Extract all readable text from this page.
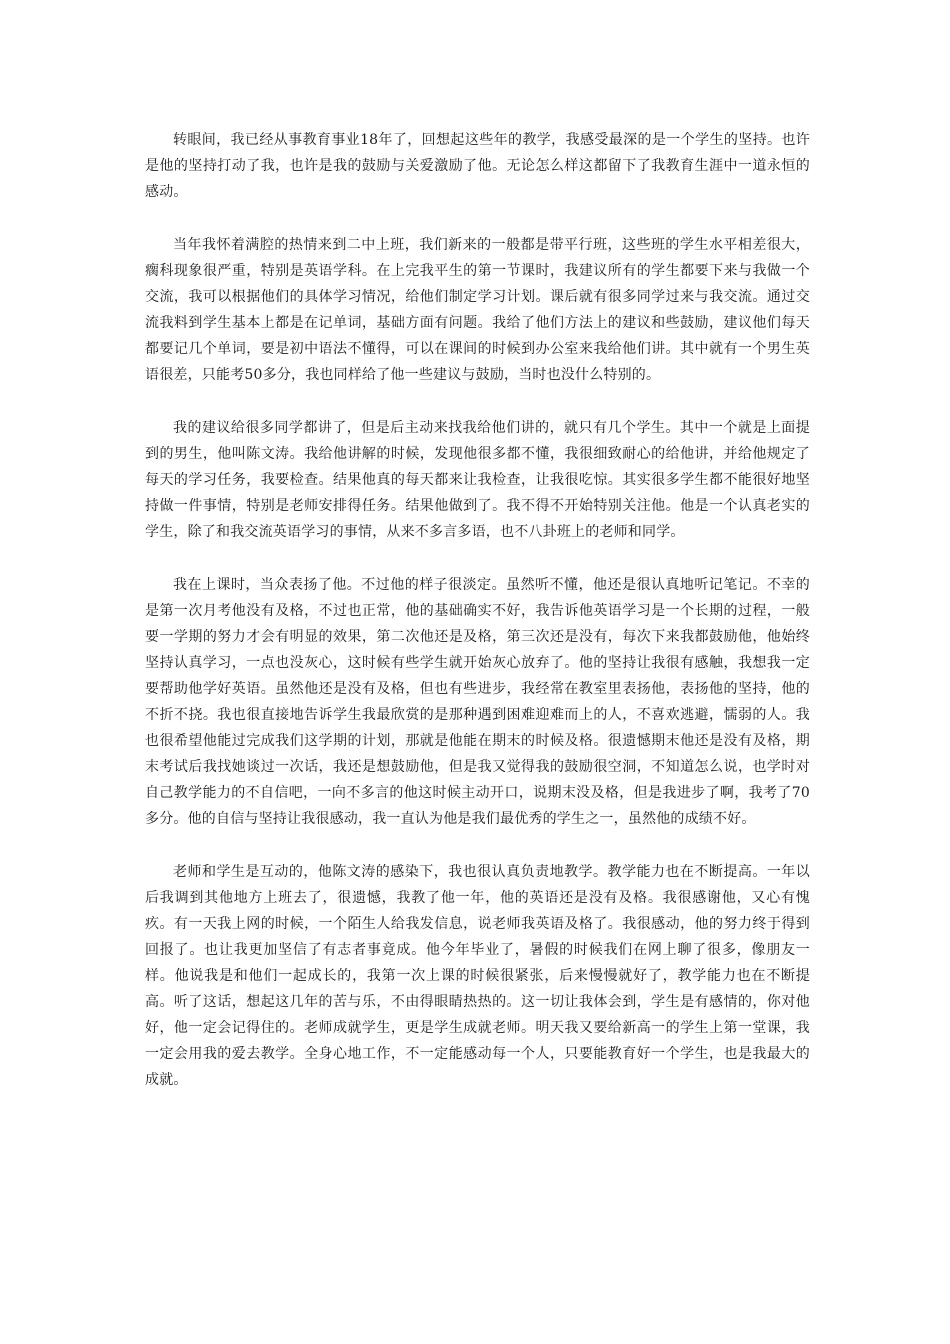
转眼间，我已经从事教育事业18年了，回想起这些年的教学，我感受最深的是一个学生的坚持。也许是他的坚持打动了我，也许是我的鼓励与关爱激励了他。无论怎么样这都留下了我教育生涯中一道永恒的感动。

当年我怀着满腔的热情来到二中上班，我们新来的一般都是带平行班，这些班的学生水平相差很大，瘸科现象很严重，特别是英语学科。在上完我平生的第一节课时，我建议所有的学生都要下来与我做一个交流，我可以根据他们的具体学习情况，给他们制定学习计划。课后就有很多同学过来与我交流。通过交流我料到学生基本上都是在记单词，基础方面有问题。我给了他们方法上的建议和些鼓励，建议他们每天都要记几个单词，要是初中语法不懂得，可以在课间的时候到办公室来我给他们讲。其中就有一个男生英语很差，只能考50多分，我也同样给了他一些建议与鼓励，当时也没什么特别的。

我的建议给很多同学都讲了，但是后主动来找我给他们讲的，就只有几个学生。其中一个就是上面提到的男生，他叫陈文涛。我给他讲解的时候，发现他很多都不懂，我很细致耐心的给他讲，并给他规定了每天的学习任务，我要检查。结果他真的每天都来让我检查，让我很吃惊。其实很多学生都不能很好地坚持做一件事情，特别是老师安排得任务。结果他做到了。我不得不开始特别关注他。他是一个认真老实的学生，除了和我交流英语学习的事情，从来不多言多语，也不八卦班上的老师和同学。

我在上课时，当众表扬了他。不过他的样子很淡定。虽然听不懂，他还是很认真地听记笔记。不幸的是第一次月考他没有及格，不过也正常，他的基础确实不好，我告诉他英语学习是一个长期的过程，一般要一学期的努力才会有明显的效果，第二次他还是及格，第三次还是没有，每次下来我都鼓励他，他始终坚持认真学习，一点也没灰心，这时候有些学生就开始灰心放弃了。他的坚持让我很有感触，我想我一定要帮助他学好英语。虽然他还是没有及格，但也有些进步，我经常在教室里表扬他，表扬他的坚持，他的不折不挠。我也很直接地告诉学生我最欣赏的是那种遇到困难迎难而上的人，不喜欢逃避，懦弱的人。我也很希望他能过完成我们这学期的计划，那就是他能在期末的时候及格。很遗憾期末他还是没有及格，期末考试后我找她谈过一次话，我还是想鼓励他，但是我又觉得我的鼓励很空洞，不知道怎么说，也学时对自己教学能力的不自信吧，一向不多言的他这时候主动开口，说期末没及格，但是我进步了啊，我考了70多分。他的自信与坚持让我很感动，我一直认为他是我们最优秀的学生之一，虽然他的成绩不好。

老师和学生是互动的，他陈文涛的感染下，我也很认真负责地教学。教学能力也在不断提高。一年以后我调到其他地方上班去了，很遗憾，我教了他一年，他的英语还是没有及格。我很感谢他，又心有愧疚。有一天我上网的时候，一个陌生人给我发信息，说老师我英语及格了。我很感动，他的努力终于得到回报了。也让我更加坚信了有志者事竟成。他今年毕业了，暑假的时候我们在网上聊了很多，像朋友一样。他说我是和他们一起成长的，我第一次上课的时候很紧张，后来慢慢就好了，教学能力也在不断提高。听了这话，想起这几年的苦与乐，不由得眼睛热热的。这一切让我体会到，学生是有感情的，你对他好，他一定会记得住的。老师成就学生，更是学生成就老师。明天我又要给新高一的学生上第一堂课，我一定会用我的爱去教学。全身心地工作，不一定能感动每一个人，只要能教育好一个学生，也是我最大的成就。
